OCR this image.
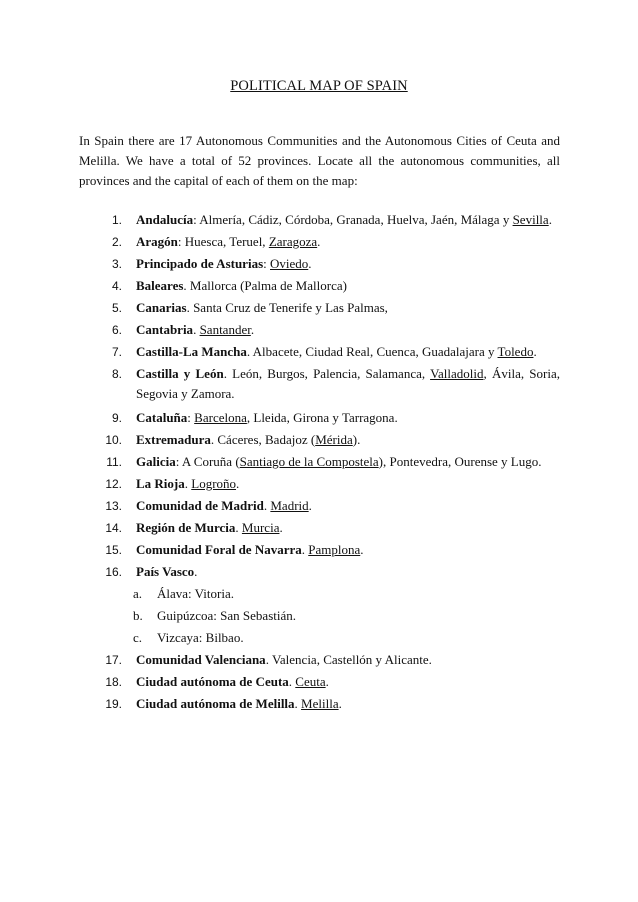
POLITICAL MAP OF SPAIN
In Spain there are 17 Autonomous Communities and the Autonomous Cities of Ceuta and Melilla. We have a total of 52 provinces. Locate all the autonomous communities, all provinces and the capital of each of them on the map:
1. Andalucía: Almería, Cádiz, Córdoba, Granada, Huelva, Jaén, Málaga y Sevilla.
2. Aragón: Huesca, Teruel, Zaragoza.
3. Principado de Asturias: Oviedo.
4. Baleares. Mallorca (Palma de Mallorca)
5. Canarias. Santa Cruz de Tenerife y Las Palmas,
6. Cantabria. Santander.
7. Castilla-La Mancha. Albacete, Ciudad Real, Cuenca, Guadalajara y Toledo.
8. Castilla y León. León, Burgos, Palencia, Salamanca, Valladolid, Ávila, Soria, Segovia y Zamora.
9. Cataluña: Barcelona, Lleida, Girona y Tarragona.
10. Extremadura. Cáceres, Badajoz (Mérida).
11. Galicia: A Coruña (Santiago de la Compostela), Pontevedra, Ourense y Lugo.
12. La Rioja. Logroño.
13. Comunidad de Madrid. Madrid.
14. Región de Murcia. Murcia.
15. Comunidad Foral de Navarra. Pamplona.
16. País Vasco.
a.	Álava: Vitoria.
b.	Guipúzcoa: San Sebastián.
c.	Vizcaya: Bilbao.
17. Comunidad Valenciana. Valencia, Castellón y Alicante.
18. Ciudad autónoma de Ceuta. Ceuta.
19. Ciudad autónoma de Melilla. Melilla.
